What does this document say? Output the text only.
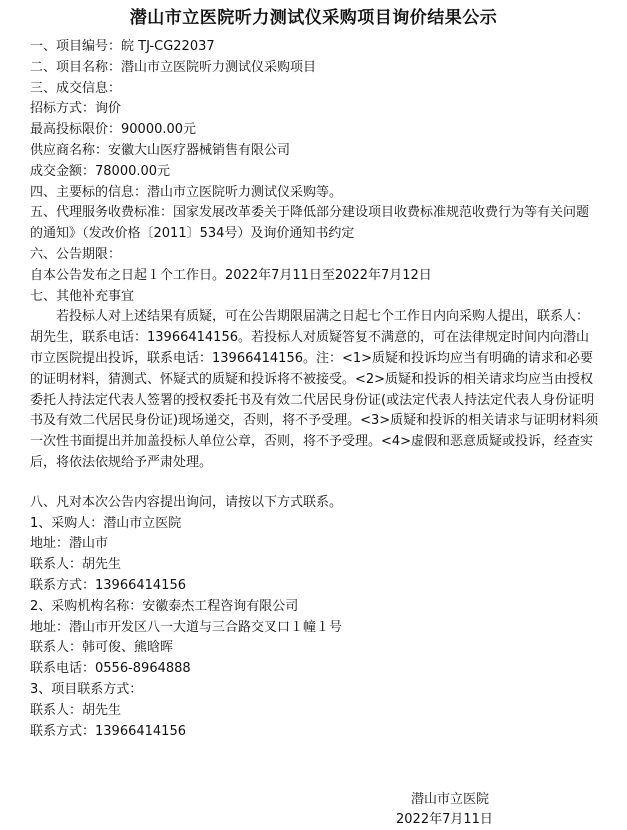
潜山市立医院听力测试仪采购项目询价结果公示
一、项目编号：皖 TJ-CG22037
二、项目名称：潜山市立医院听力测试仪采购项目
三、成交信息：
招标方式：询价
最高投标限价：90000.00元
供应商名称：安徽大山医疗器械销售有限公司
成交金额：78000.00元
四、主要标的信息：潜山市立医院听力测试仪采购等。
五、代理服务收费标准：国家发展改革委关于降低部分建设项目收费标准规范收费行为等有关问题的通知》（发改价格〔2011〕534号）及询价通知书约定
六、公告期限：
自本公告发布之日起１个工作日。2022年7月11日至2022年7月12日
七、其他补充事宜
若投标人对上述结果有质疑，可在公告期限届满之日起七个工作日内向采购人提出，联系人：胡先生，联系电话：13966414156。若投标人对质疑答复不满意的，可在法律规定时间内向潜山市立医院提出投诉，联系电话：13966414156。注：<1>质疑和投诉均应当有明确的请求和必要的证明材料，猜测式、怀疑式的质疑和投诉将不被接受。<2>质疑和投诉的相关请求均应当由授权委托人持法定代表人签署的授权委托书及有效二代居民身份证(或法定代表人持法定代表人身份证明书及有效二代居民身份证)现场递交，否则，将不予受理。<3>质疑和投诉的相关请求与证明材料须一次性书面提出并加盖投标人单位公章，否则，将不予受理。<4>虚假和恶意质疑或投诉，经查实后，将依法依规给予严肃处理。
八、凡对本次公告内容提出询问，请按以下方式联系。
1、采购人：潜山市立医院
地址：潜山市
联系人：胡先生
联系方式：13966414156
2、采购机构名称：安徽泰杰工程咨询有限公司
地址：潜山市开发区八一大道与三合路交叉口１幢１号
联系人：韩可俊、熊晗晖
联系电话：0556-8964888
3、项目联系方式：
联系人：胡先生
联系方式：13966414156
潜山市立医院
2022年7月11日
